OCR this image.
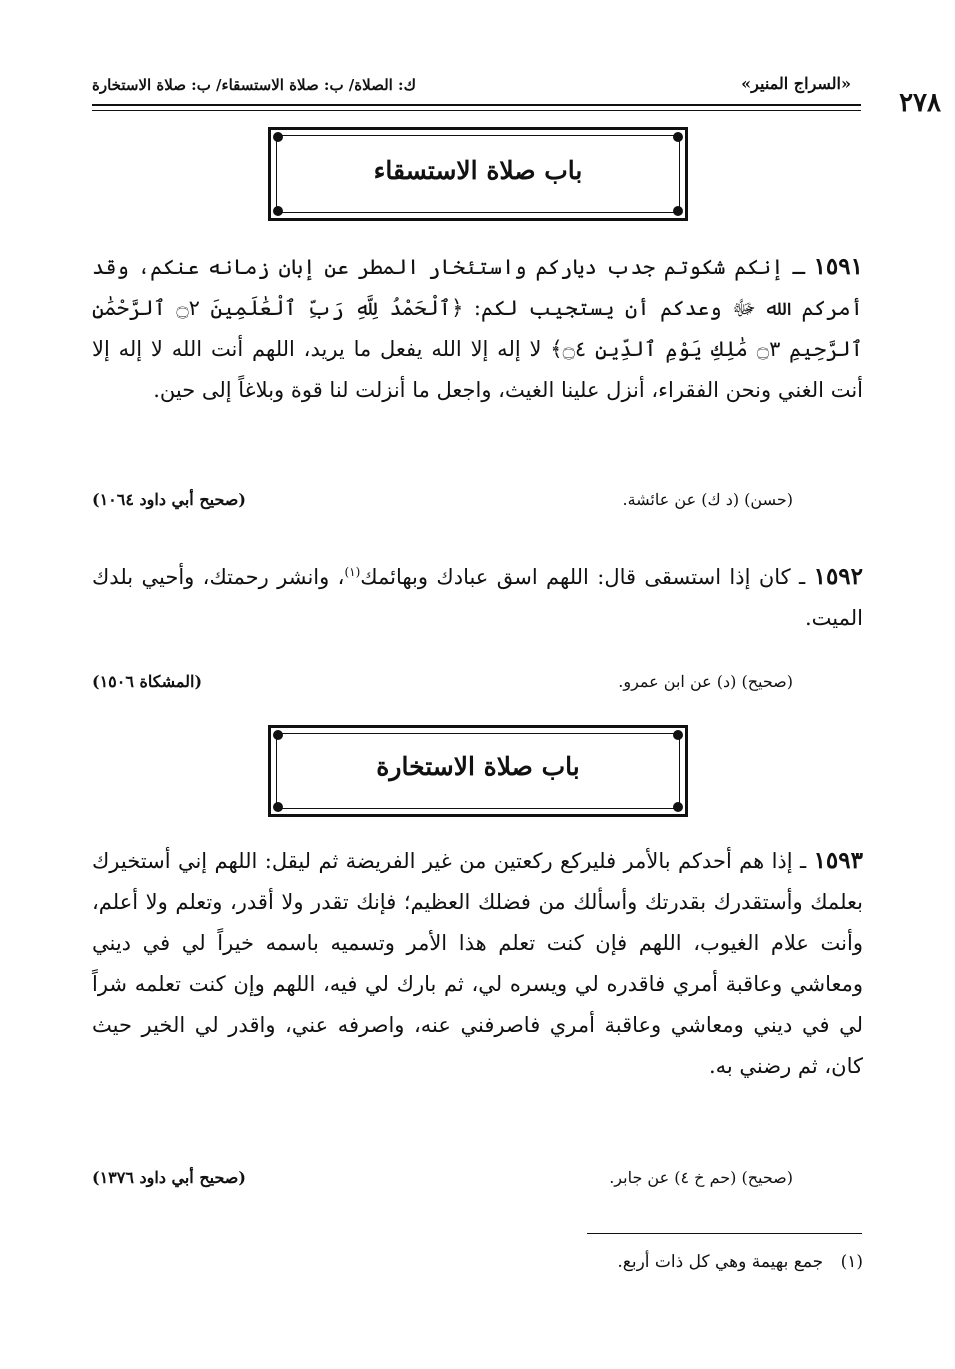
«السراج المنير»
ك: الصلاة/ ب: صلاة الاستسقاء/ ب: صلاة الاستخارة
٢٧٨
باب صلاة الاستسقاء
١٥٩١ ـ إنكم شكوتم جدب دياركم واستئخار المطر عن إبان زمانه عنكم، وقد أمركم الله ﷻ وعدكم أن يستجيب لكم: ﴿ٱلْحَمْدُ لِلَّهِ رَبِّ ٱلْعَٰلَمِينَ ۝٢ ٱلرَّحْمَٰنِ ٱلرَّحِيمِ ۝٣ مَٰلِكِ يَوْمِ ٱلدِّينِ ۝٤﴾ لا إله إلا الله يفعل ما يريد، اللهم أنت الله لا إله إلا أنت الغني ونحن الفقراء، أنزل علينا الغيث، واجعل ما أنزلت لنا قوة وبلاغاً إلى حين.
(حسن) (د ك) عن عائشة.
(صحيح أبي داود ١٠٦٤)
١٥٩٢ ـ كان إذا استسقى قال: اللهم اسق عبادك وبهائمك$^{(١)}$، وانشر رحمتك، وأحيي بلدك الميت.
(صحيح) (د) عن ابن عمرو.
(المشكاة ١٥٠٦)
باب صلاة الاستخارة
١٥٩٣ ـ إذا هم أحدكم بالأمر فليركع ركعتين من غير الفريضة ثم ليقل: اللهم إني أستخيرك بعلمك وأستقدرك بقدرتك وأسألك من فضلك العظيم؛ فإنك تقدر ولا أقدر، وتعلم ولا أعلم، وأنت علام الغيوب، اللهم فإن كنت تعلم هذا الأمر وتسميه باسمه خيراً لي في ديني ومعاشي وعاقبة أمري فاقدره لي ويسره لي، ثم بارك لي فيه، اللهم وإن كنت تعلمه شراً لي في ديني ومعاشي وعاقبة أمري فاصرفني عنه، واصرفه عني، واقدر لي الخير حيث كان، ثم رضني به.
(صحيح) (حم خ ٤) عن جابر.
(صحيح أبي داود ١٣٧٦)
(١) جمع بهيمة وهي كل ذات أربع.
